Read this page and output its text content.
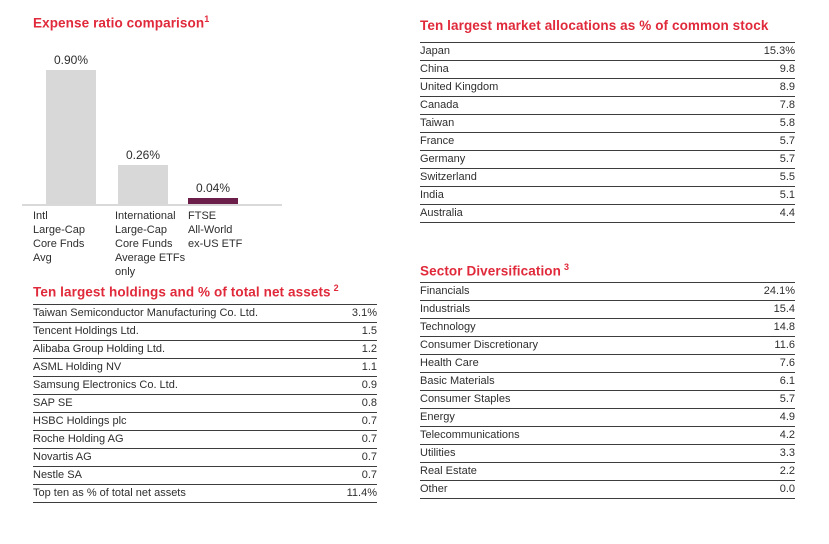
Expense ratio comparison$^1$
0.90%
0.26%
0.04%
Ten largest market allocations as % of common stock
Japan	15.3%
China	9.8
United Kingdom	8.9
Canada	7.8
Taiwan	5.8
France	5.7
Germany	5.7
Switzerland	5.5
India	5.1
Australia	4.4
Ten largest holdings and % of total net assets $^2$
Taiwan Semiconductor Manufacturing Co. Ltd.	3.1%
Tencent Holdings Ltd.	1.5
Alibaba Group Holding Ltd.	1.2
ASML Holding NV	1.1
Samsung Electronics Co. Ltd.	0.9
SAP SE	0.8
HSBC Holdings plc	0.7
Roche Holding AG	0.7
Novartis AG	0.7
Nestle SA	0.7
Top ten as % of total net assets	11.4%
Sector Diversification $^3$
Financials	24.1%
Industrials	15.4
Technology	14.8
Consumer Discretionary	11.6
Health Care	7.6
Basic Materials	6.1
Consumer Staples	5.7
Energy	4.9
Telecommunications	4.2
Utilities	3.3
Real Estate	2.2
Other	0.0
Intl
Large-Cap
Core Fnds
Avg
International
Large-Cap
Core Funds
Average ETFs
only
FTSE
All-World
ex-US ETF
